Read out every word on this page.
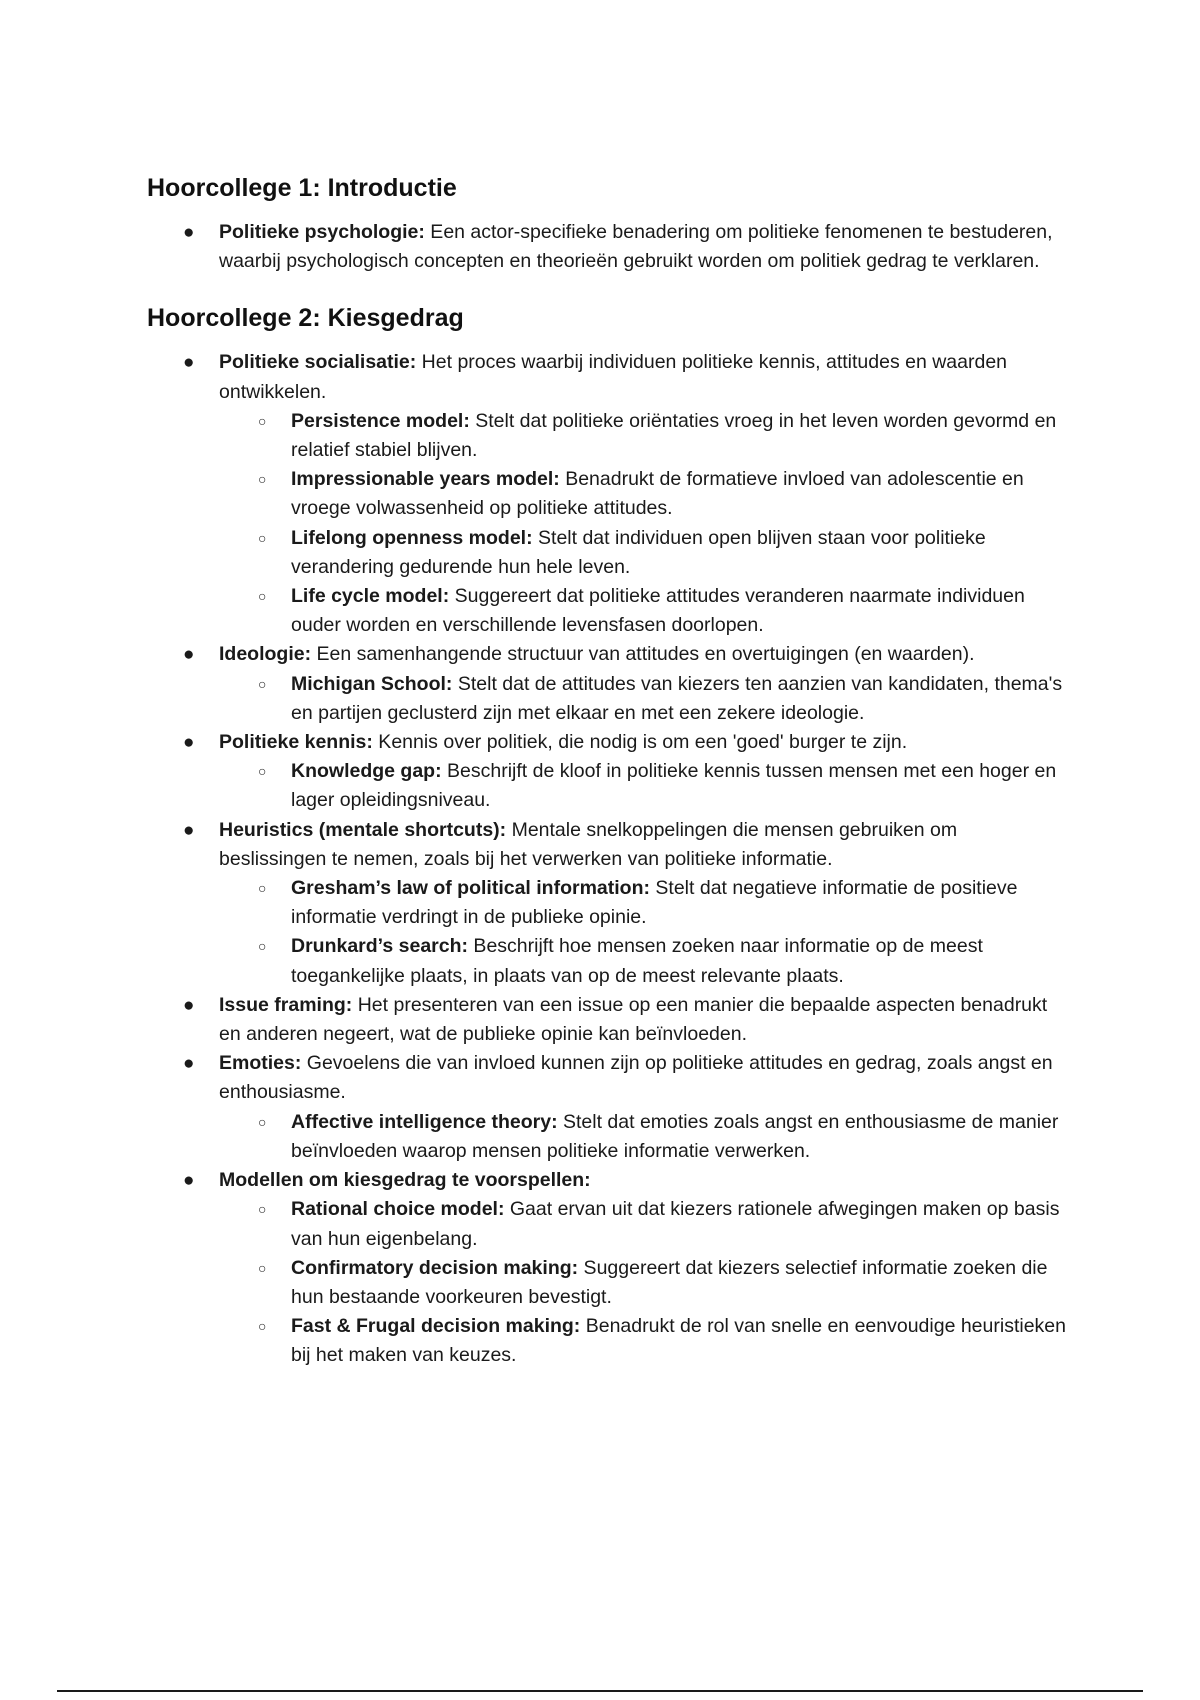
Hoorcollege 1: Introductie
● Politieke psychologie: Een actor-specifieke benadering om politieke fenomenen te bestuderen, waarbij psychologisch concepten en theorieën gebruikt worden om politiek gedrag te verklaren.
Hoorcollege 2: Kiesgedrag
● Politieke socialisatie: Het proces waarbij individuen politieke kennis, attitudes en waarden ontwikkelen.
○ Persistence model: Stelt dat politieke oriëntaties vroeg in het leven worden gevormd en relatief stabiel blijven.
○ Impressionable years model: Benadrukt de formatieve invloed van adolescentie en vroege volwassenheid op politieke attitudes.
○ Lifelong openness model: Stelt dat individuen open blijven staan voor politieke verandering gedurende hun hele leven.
○ Life cycle model: Suggereert dat politieke attitudes veranderen naarmate individuen ouder worden en verschillende levensfasen doorlopen.
● Ideologie: Een samenhangende structuur van attitudes en overtuigingen (en waarden).
○ Michigan School: Stelt dat de attitudes van kiezers ten aanzien van kandidaten, thema's en partijen geclusterd zijn met elkaar en met een zekere ideologie.
● Politieke kennis: Kennis over politiek, die nodig is om een 'goed' burger te zijn.
○ Knowledge gap: Beschrijft de kloof in politieke kennis tussen mensen met een hoger en lager opleidingsniveau.
● Heuristics (mentale shortcuts): Mentale snelkoppelingen die mensen gebruiken om beslissingen te nemen, zoals bij het verwerken van politieke informatie.
○ Gresham’s law of political information: Stelt dat negatieve informatie de positieve informatie verdringt in de publieke opinie.
○ Drunkard’s search: Beschrijft hoe mensen zoeken naar informatie op de meest toegankelijke plaats, in plaats van op de meest relevante plaats.
● Issue framing: Het presenteren van een issue op een manier die bepaalde aspecten benadrukt en anderen negeert, wat de publieke opinie kan beïnvloeden.
● Emoties: Gevoelens die van invloed kunnen zijn op politieke attitudes en gedrag, zoals angst en enthousiasme.
○ Affective intelligence theory: Stelt dat emoties zoals angst en enthousiasme de manier beïnvloeden waarop mensen politieke informatie verwerken.
● Modellen om kiesgedrag te voorspellen:
○ Rational choice model: Gaat ervan uit dat kiezers rationele afwegingen maken op basis van hun eigenbelang.
○ Confirmatory decision making: Suggereert dat kiezers selectief informatie zoeken die hun bestaande voorkeuren bevestigt.
○ Fast & Frugal decision making: Benadrukt de rol van snelle en eenvoudige heuristieken bij het maken van keuzes.
